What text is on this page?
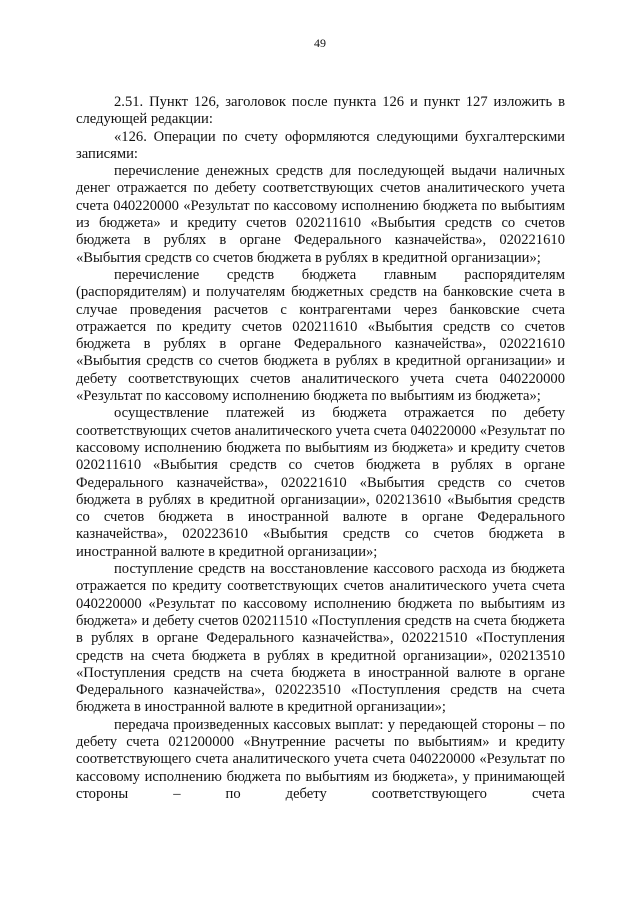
49

2.51. Пункт 126, заголовок после пункта 126 и пункт 127 изложить в следующей редакции:

«126. Операции по счету оформляются следующими бухгалтерскими записями:

перечисление денежных средств для последующей выдачи наличных денег отражается по дебету соответствующих счетов аналитического учета счета 040220000 «Результат по кассовому исполнению бюджета по выбытиям из бюджета» и кредиту счетов 020211610 «Выбытия средств со счетов бюджета в рублях в органе Федерального казначейства», 020221610 «Выбытия средств со счетов бюджета в рублях в кредитной организации»;

перечисление средств бюджета главным распорядителям (распорядителям) и получателям бюджетных средств на банковские счета в случае проведения расчетов с контрагентами через банковские счета отражается по кредиту счетов 020211610 «Выбытия средств со счетов бюджета в рублях в органе Федерального казначейства», 020221610 «Выбытия средств со счетов бюджета в рублях в кредитной организации» и дебету соответствующих счетов аналитического учета счета 040220000 «Результат по кассовому исполнению бюджета по выбытиям из бюджета»;

осуществление платежей из бюджета отражается по дебету соответствующих счетов аналитического учета счета 040220000 «Результат по кассовому исполнению бюджета по выбытиям из бюджета» и кредиту счетов 020211610 «Выбытия средств со счетов бюджета в рублях в органе Федерального казначейства», 020221610 «Выбытия средств со счетов бюджета в рублях в кредитной организации», 020213610 «Выбытия средств со счетов бюджета в иностранной валюте в органе Федерального казначейства», 020223610 «Выбытия средств со счетов бюджета в иностранной валюте в кредитной организации»;

поступление средств на восстановление кассового расхода из бюджета отражается по кредиту соответствующих счетов аналитического учета счета 040220000 «Результат по кассовому исполнению бюджета по выбытиям из бюджета» и дебету счетов 020211510 «Поступления средств на счета бюджета в рублях в органе Федерального казначейства», 020221510 «Поступления средств на счета бюджета в рублях в кредитной организации», 020213510 «Поступления средств на счета бюджета в иностранной валюте в органе Федерального казначейства», 020223510 «Поступления средств на счета бюджета в иностранной валюте в кредитной организации»;

передача произведенных кассовых выплат: у передающей стороны – по дебету счета 021200000 «Внутренние расчеты по выбытиям» и кредиту соответствующего счета аналитического учета счета 040220000 «Результат по кассовому исполнению бюджета по выбытиям из бюджета», у принимающей стороны – по дебету соответствующего счета
